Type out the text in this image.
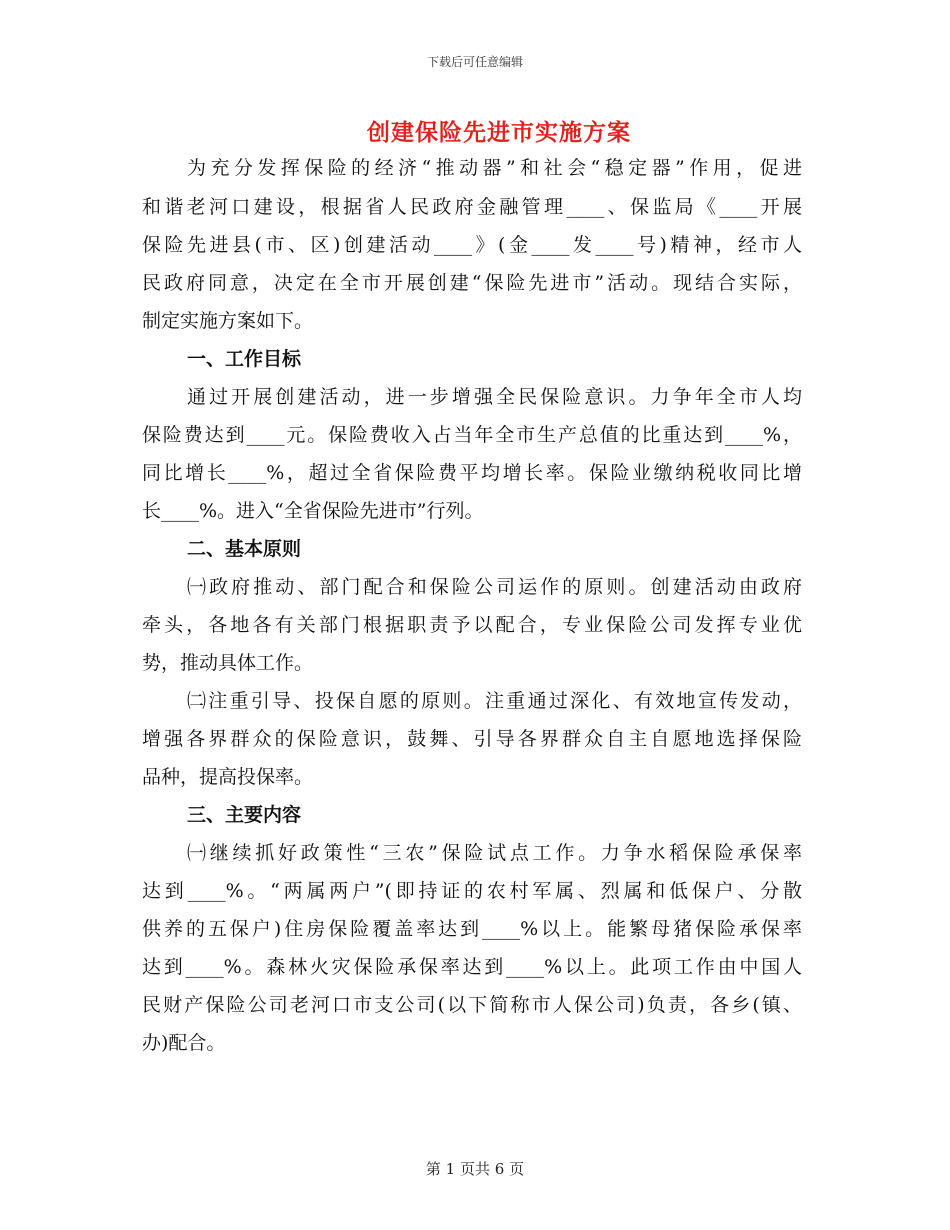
下载后可任意编辑
创建保险先进市实施方案
为充分发挥保险的经济“推动器”和社会“稳定器”作用，促进
和谐老河口建设，根据省人民政府金融管理____、保监局《____开展
保险先进县(市、区)创建活动____》(金____发____号)精神，经市人
民政府同意，决定在全市开展创建“保险先进市”活动。现结合实际，
制定实施方案如下。
一、工作目标
通过开展创建活动，进一步增强全民保险意识。力争年全市人均
保险费达到____元。保险费收入占当年全市生产总值的比重达到____%，
同比增长____%，超过全省保险费平均增长率。保险业缴纳税收同比增
长____%。进入“全省保险先进市”行列。
二、基本原则
㈠政府推动、部门配合和保险公司运作的原则。创建活动由政府
牵头，各地各有关部门根据职责予以配合，专业保险公司发挥专业优
势，推动具体工作。
㈡注重引导、投保自愿的原则。注重通过深化、有效地宣传发动，
增强各界群众的保险意识，鼓舞、引导各界群众自主自愿地选择保险
品种，提高投保率。
三、主要内容
㈠继续抓好政策性“三农”保险试点工作。力争水稻保险承保率
达到____%。“两属两户”(即持证的农村军属、烈属和低保户、分散
供养的五保户)住房保险覆盖率达到____%以上。能繁母猪保险承保率
达到____%。森林火灾保险承保率达到____%以上。此项工作由中国人
民财产保险公司老河口市支公司(以下简称市人保公司)负责，各乡(镇、
办)配合。
第 1 页共 6 页
